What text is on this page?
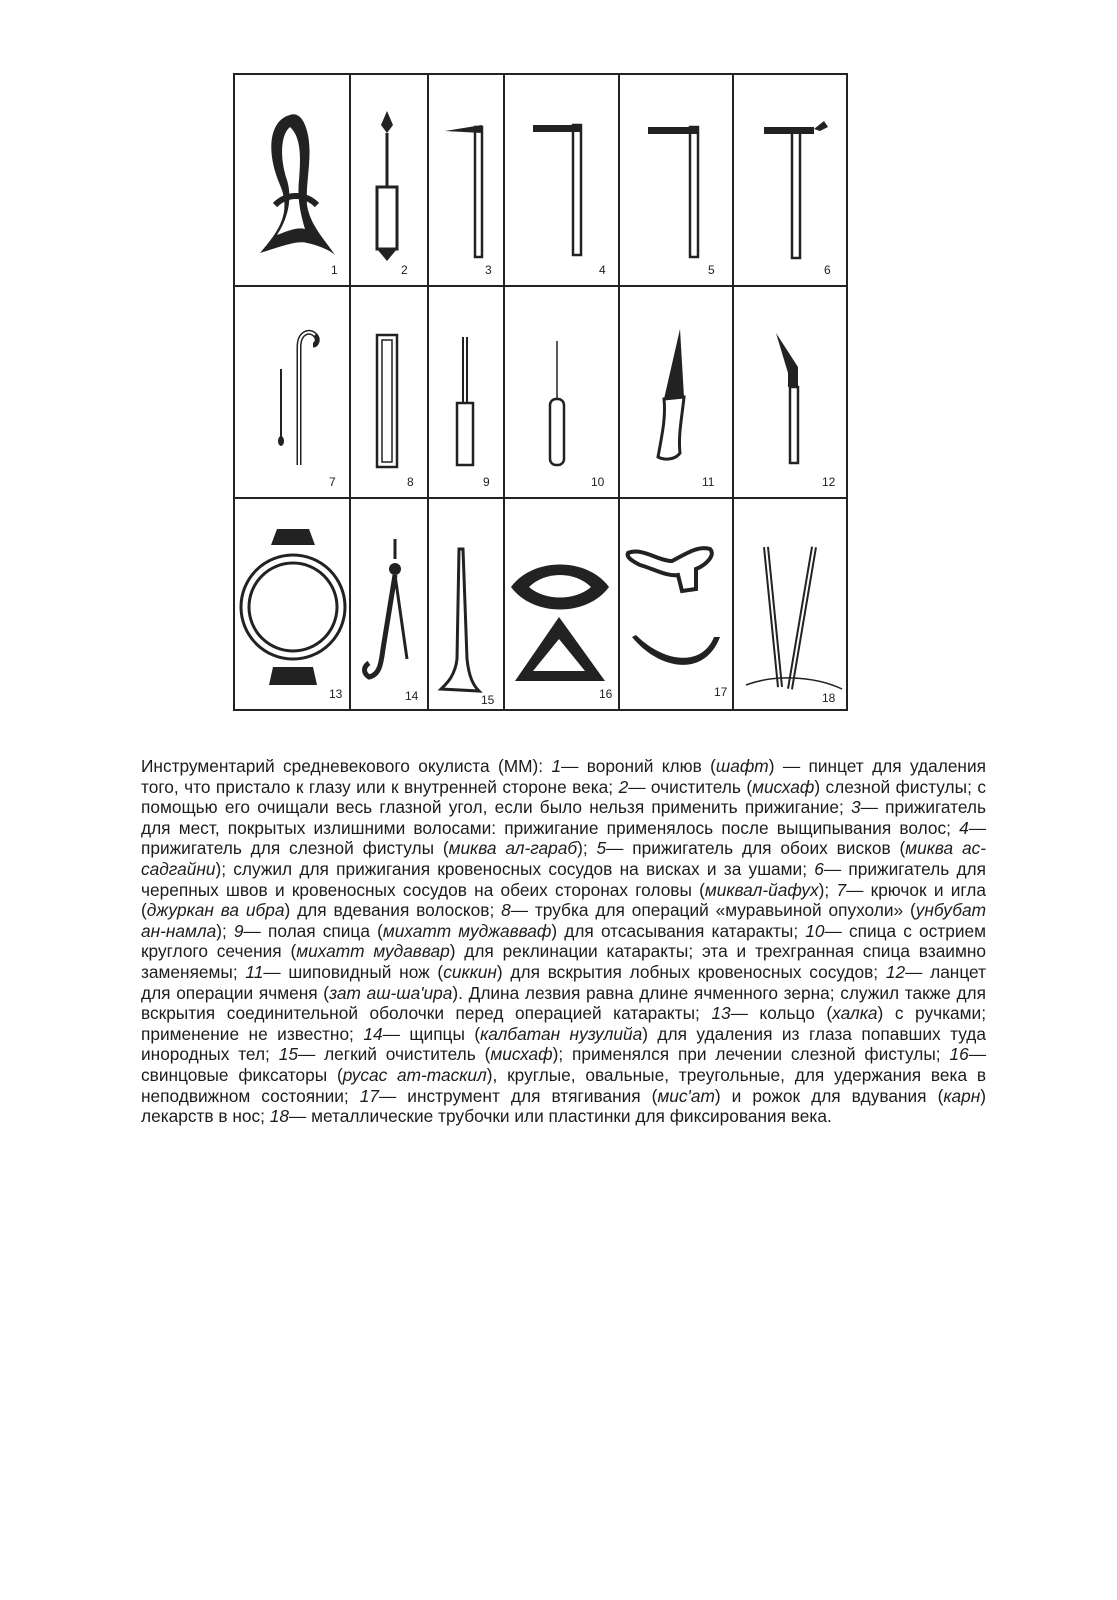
1	2	3	4	5	6
7	8	9	10	11	12
13	14	15	16	17	18
Инструментарий средневекового окулиста (ММ): 1— вороний клюв (шафт) — пинцет для удаления того, что пристало к глазу или к внутренней стороне века; 2— очиститель (мисхаф) слезной фистулы; с помощью его очищали весь глазной угол, если было нельзя применить прижигание; 3— прижигатель для мест, покрытых излишними волосами: прижигание применялось после выщипывания волос; 4— прижигатель для слезной фистулы (миква ал-гараб); 5— прижигатель для обоих висков (миква ас-садгайни); служил для прижигания кровеносных сосудов на висках и за ушами; 6— прижигатель для черепных швов и кровеносных сосудов на обеих сторонах головы (миквал-йафух); 7— крючок и игла (джуркан ва ибра) для вдевания волосков; 8— трубка для операций «муравьиной опухоли» (унбубат ан-намла); 9— полая спица (михатт муджавваф) для отсасывания катаракты; 10— спица с острием круглого сечения (михатт мудаввар) для реклинации катаракты; эта и трехгранная спица взаимно заменяемы; 11— шиповидный нож (сиккин) для вскрытия лобных кровеносных сосудов; 12— ланцет для операции ячменя (зат аш-ша'ира). Длина лезвия равна длине ячменного зерна; служил также для вскрытия соединительной оболочки перед операцией катаракты; 13— кольцо (халка) с ручками; применение не известно; 14— щипцы (калбатан нузулийа) для удаления из глаза попавших туда инородных тел; 15— легкий очиститель (мисхаф); применялся при лечении слезной фистулы; 16— свинцовые фиксаторы (русас ат-таскил), круглые, овальные, треугольные, для удержания века в неподвижном состоянии; 17— инструмент для втягивания (мис'ат) и рожок для вдувания (карн) лекарств в нос; 18— металлические трубочки или пластинки для фиксирования века.
